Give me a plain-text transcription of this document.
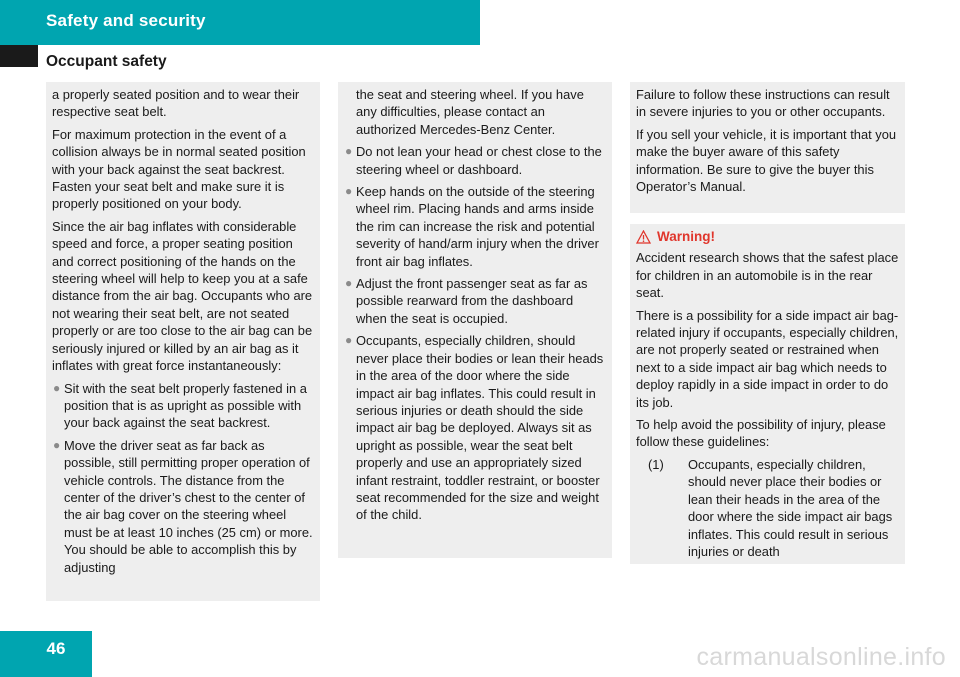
Safety and security
Occupant safety

a properly seated position and to wear their respective seat belt.

For maximum protection in the event of a collision always be in normal seated position with your back against the seat backrest. Fasten your seat belt and make sure it is properly positioned on your body.

Since the air bag inflates with considerable speed and force, a proper seating position and correct positioning of the hands on the steering wheel will help to keep you at a safe distance from the air bag. Occupants who are not wearing their seat belt, are not seated properly or are too close to the air bag can be seriously injured or killed by an air bag as it inflates with great force instantaneously:

● Sit with the seat belt properly fastened in a position that is as upright as possible with your back against the seat backrest.
● Move the driver seat as far back as possible, still permitting proper operation of vehicle controls. The distance from the center of the driver’s chest to the center of the air bag cover on the steering wheel must be at least 10 inches (25 cm) or more. You should be able to accomplish this by adjusting

the seat and steering wheel. If you have any difficulties, please contact an authorized Mercedes-Benz Center.

● Do not lean your head or chest close to the steering wheel or dashboard.
● Keep hands on the outside of the steering wheel rim. Placing hands and arms inside the rim can increase the risk and potential severity of hand/arm injury when the driver front air bag inflates.
● Adjust the front passenger seat as far as possible rearward from the dashboard when the seat is occupied.
● Occupants, especially children, should never place their bodies or lean their heads in the area of the door where the side impact air bag inflates. This could result in serious injuries or death should the side impact air bag be deployed. Always sit as upright as possible, wear the seat belt properly and use an appropriately sized infant restraint, toddler restraint, or booster seat recommended for the size and weight of the child.

Failure to follow these instructions can result in severe injuries to you or other occupants.

If you sell your vehicle, it is important that you make the buyer aware of this safety information. Be sure to give the buyer this Operator’s Manual.

Warning!

Accident research shows that the safest place for children in an automobile is in the rear seat.

There is a possibility for a side impact air bag-related injury if occupants, especially children, are not properly seated or restrained when next to a side impact air bag which needs to deploy rapidly in a side impact in order to do its job.

To help avoid the possibility of injury, please follow these guidelines:

(1)	Occupants, especially children, should never place their bodies or lean their heads in the area of the door where the side impact air bags inflates. This could result in serious injuries or death
46	carmanualsonline.info
